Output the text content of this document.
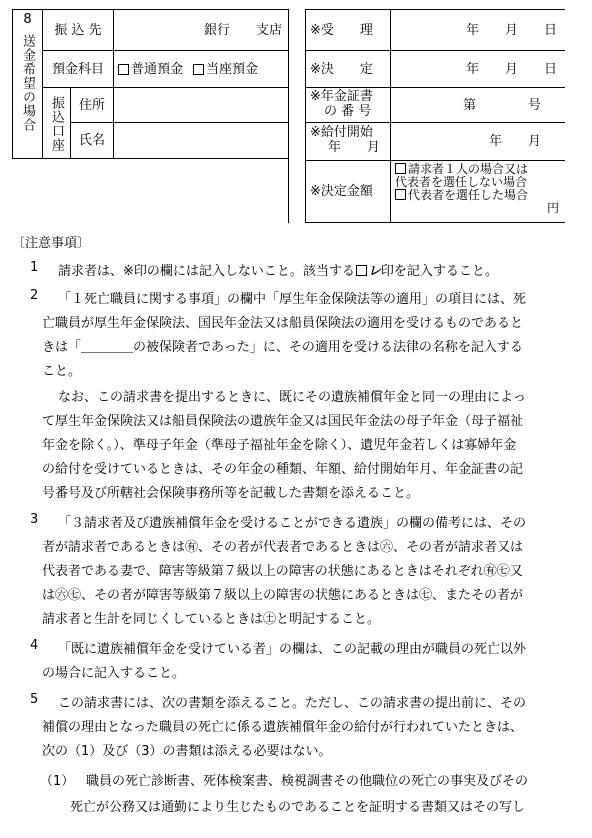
8
送金希望の場合
振 込 先	銀行　　支店
預金科目	普通預金 当座預金
振込口座	住所
氏名
※受　　理	年　　月　　日
※決　　定	年　　月　　日
※年金証書
の 番 号	第　　　　号
※給付開始
年　　月	年　　月
※決定金額
請求者１人の場合又は
代表者を選任しない場合
代表者を選任した場合
円
〔注意事項〕
1 請求者は、※印の欄には記入しないこと。該当する レ印を記入すること。
2 「１死亡職員に関する事項」の欄中「厚生年金保険法等の適用」の項目には、死
亡職員が厚生年金保険法、国民年金法又は船員保険法の適用を受けるものであると
きは「＿＿＿＿の被保険者であった」に、その適用を受ける法律の名称を記入する
こと。
なお、この請求書を提出するときに、既にその遺族補償年金と同一の理由によっ
て厚生年金保険法又は船員保険法の遺族年金又は国民年金法の母子年金（母子福祉
年金を除く。）、準母子年金（準母子福祉年金を除く）、遺児年金若しくは寡婦年金
の給付を受けているときは、その年金の種類、年額、給付開始年月、年金証書の記
号番号及び所轄社会保険事務所等を記載した書類を添えること。
3 「３請求者及び遺族補償年金を受けることができる遺族」の欄の備考には、その
者が請求者であるときは㊒、その者が代表者であるときは㊅、その者が請求者又は
代表者である妻で、障害等級第７級以上の障害の状態にあるときはそれぞれ㊒㊆又
は㊅㊆、その者が障害等級第７級以上の障害の状態にあるときは㊆、またその者が
請求者と生計を同じくしているときは㊏と明記すること。
4 「既に遺族補償年金を受けている者」の欄は、この記載の理由が職員の死亡以外
の場合に記入すること。
5 この請求書には、次の書類を添えること。ただし、この請求書の提出前に、その
補償の理由となった職員の死亡に係る遺族補償年金の給付が行われていたときは、
次の（1）及び（3）の書類は添える必要はない。
（1） 職員の死亡診断書、死体検案書、検視調書その他職位の死亡の事実及びその
死亡が公務又は通勤により生じたものであることを証明する書類又はその写し
